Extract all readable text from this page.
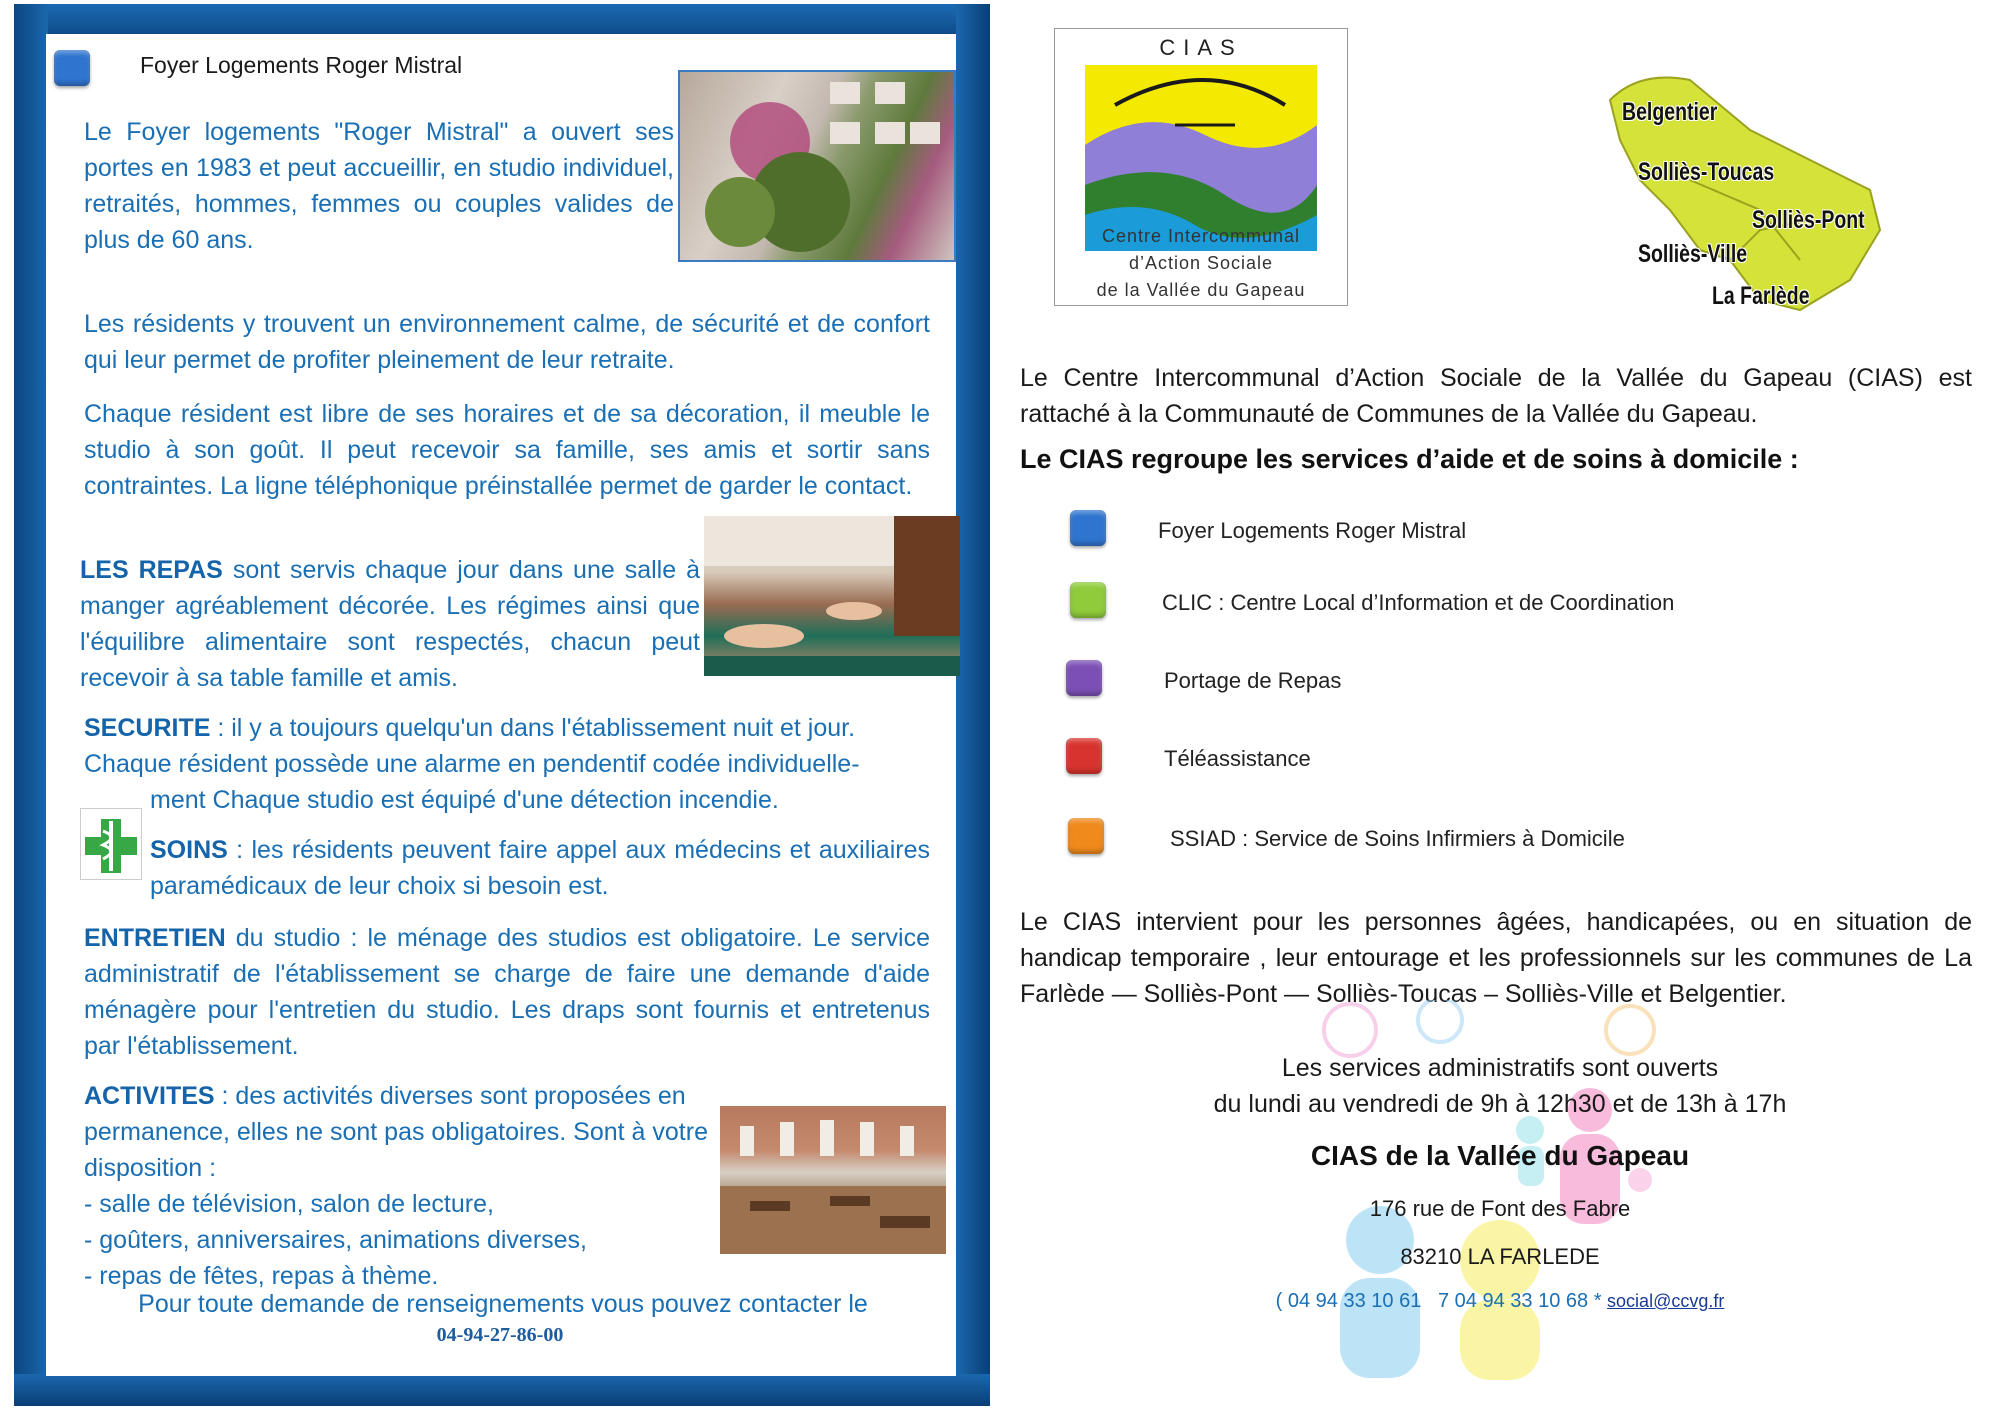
Foyer Logements Roger Mistral

Le Foyer logements "Roger Mistral" a ouvert ses portes en 1983 et peut accueillir, en studio individuel, retraités, hommes, femmes ou couples valides de plus de 60 ans.

Les résidents y trouvent un environnement calme, de sécurité et de confort qui leur permet de profiter pleinement de leur retraite.

Chaque résident est libre de ses horaires et de sa décoration, il meuble le studio à son goût. Il peut recevoir sa famille, ses amis et sortir sans contraintes. La ligne téléphonique préinstallée permet de garder le contact.

LES REPAS sont servis chaque jour dans une salle à manger agréablement décorée. Les régimes ainsi que l'équilibre alimentaire sont respectés, chacun peut recevoir à sa table famille et amis.

SECURITE : il y a toujours quelqu'un dans l'établissement nuit et jour.

Chaque résident possède une alarme en pendentif codée individuelle-

ment Chaque studio est équipé d'une détection incendie.

SOINS : les résidents peuvent faire appel aux médecins et auxiliaires paramédicaux de leur choix si besoin est.

ENTRETIEN du studio : le ménage des studios est obligatoire. Le service administratif de l'établissement se charge de faire une demande d'aide ménagère pour l'entretien du studio. Les draps sont fournis et entretenus par l'établissement.

ACTIVITES : des activités diverses sont proposées en permanence, elles ne sont pas obligatoires. Sont à votre disposition :

- salle de télévision, salon de lecture,

- goûters, anniversaires, animations diverses,

- repas de fêtes, repas à thème.

Pour toute demande de renseignements vous pouvez contacter le
04-94-27-86-00
CIAS
Centre Intercommunal
d’Action Sociale
de la Vallée du Gapeau
Belgentier
Solliès-Toucas
Solliès-Pont
Solliès-Ville
La Farlède

Le Centre Intercommunal d’Action Sociale de la Vallée du Gapeau (CIAS) est rattaché à la Communauté de Communes de la Vallée du Gapeau.

Le CIAS regroupe les services d’aide et de soins à domicile :
Foyer Logements Roger Mistral
CLIC : Centre Local d’Information et de Coordination
Portage de Repas
Téléassistance
SSIAD : Service de Soins Infirmiers à Domicile

Le CIAS intervient pour les personnes âgées, handicapées, ou en situation de handicap temporaire , leur entourage et les professionnels sur les communes de La Farlède — Solliès-Pont — Solliès-Toucas – Solliès-Ville et Belgentier.

Les services administratifs sont ouverts
du lundi au vendredi de 9h à 12h30 et de 13h à 17h
CIAS de la Vallée du Gapeau
176 rue de Font des Fabre
83210 LA FARLEDE
( 04 94 33 10 61 7 04 94 33 10 68 * social@ccvg.fr
